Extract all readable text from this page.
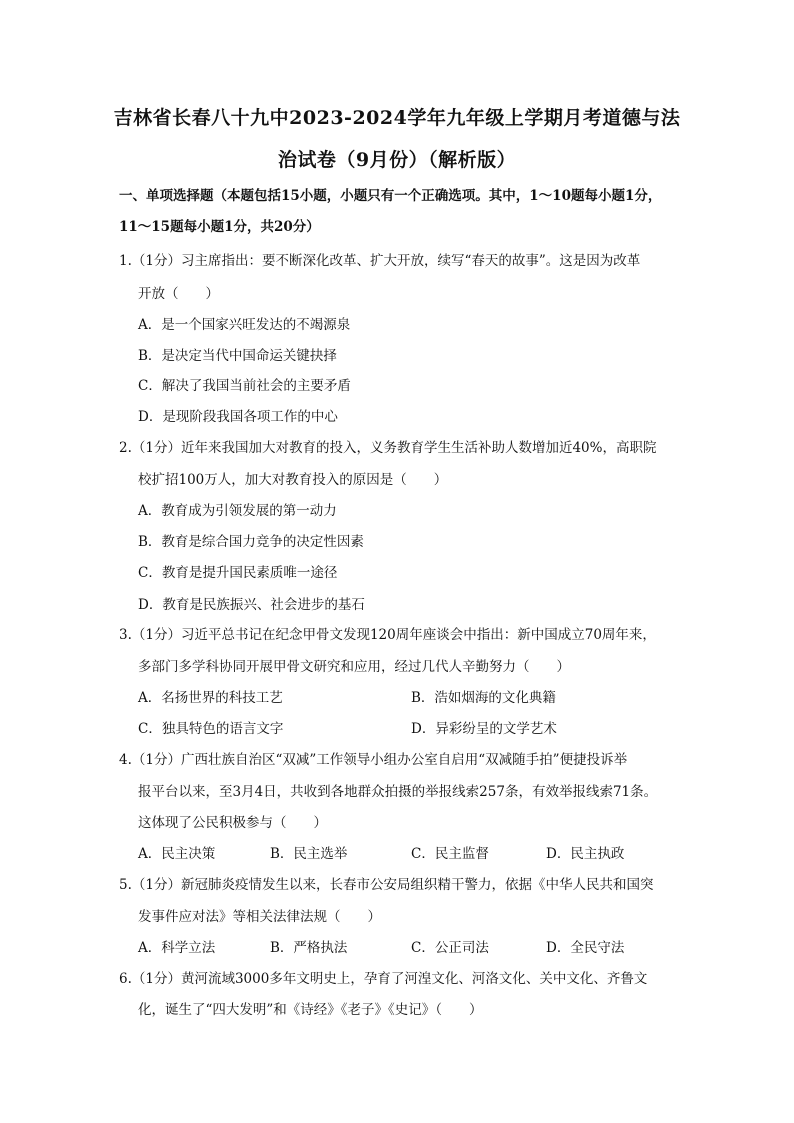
吉林省长春八十九中2023-2024学年九年级上学期月考道德与法
治试卷（9月份）（解析版）
一、单项选择题（本题包括15小题，小题只有一个正确选项。其中，1～10题每小题1分，
11～15题每小题1分，共20分）
1.（1分）习主席指出：要不断深化改革、扩大开放，续写“春天的故事”。这是因为改革
开放（　　）
A．是一个国家兴旺发达的不竭源泉
B．是决定当代中国命运关键抉择
C．解决了我国当前社会的主要矛盾
D．是现阶段我国各项工作的中心
2.（1分）近年来我国加大对教育的投入，义务教育学生生活补助人数增加近40%，高职院
校扩招100万人，加大对教育投入的原因是（　　）
A．教育成为引领发展的第一动力
B．教育是综合国力竞争的决定性因素
C．教育是提升国民素质唯一途径
D．教育是民族振兴、社会进步的基石
3.（1分）习近平总书记在纪念甲骨文发现120周年座谈会中指出：新中国成立70周年来，
多部门多学科协同开展甲骨文研究和应用，经过几代人辛勤努力（　　）
A．名扬世界的科技工艺	B．浩如烟海的文化典籍
C．独具特色的语言文字	D．异彩纷呈的文学艺术
4.（1分）广西壮族自治区“双减”工作领导小组办公室自启用“双减随手拍”便捷投诉举
报平台以来，至3月4日，共收到各地群众拍摄的举报线索257条，有效举报线索71条。
这体现了公民积极参与（　　）
A．民主决策	B．民主选举	C．民主监督	D．民主执政
5.（1分）新冠肺炎疫情发生以来，长春市公安局组织精干警力，依据《中华人民共和国突
发事件应对法》等相关法律法规（　　）
A．科学立法	B．严格执法	C．公正司法	D．全民守法
6.（1分）黄河流域3000多年文明史上，孕育了河湟文化、河洛文化、关中文化、齐鲁文
化，诞生了“四大发明”和《诗经》《老子》《史记》（　　）
